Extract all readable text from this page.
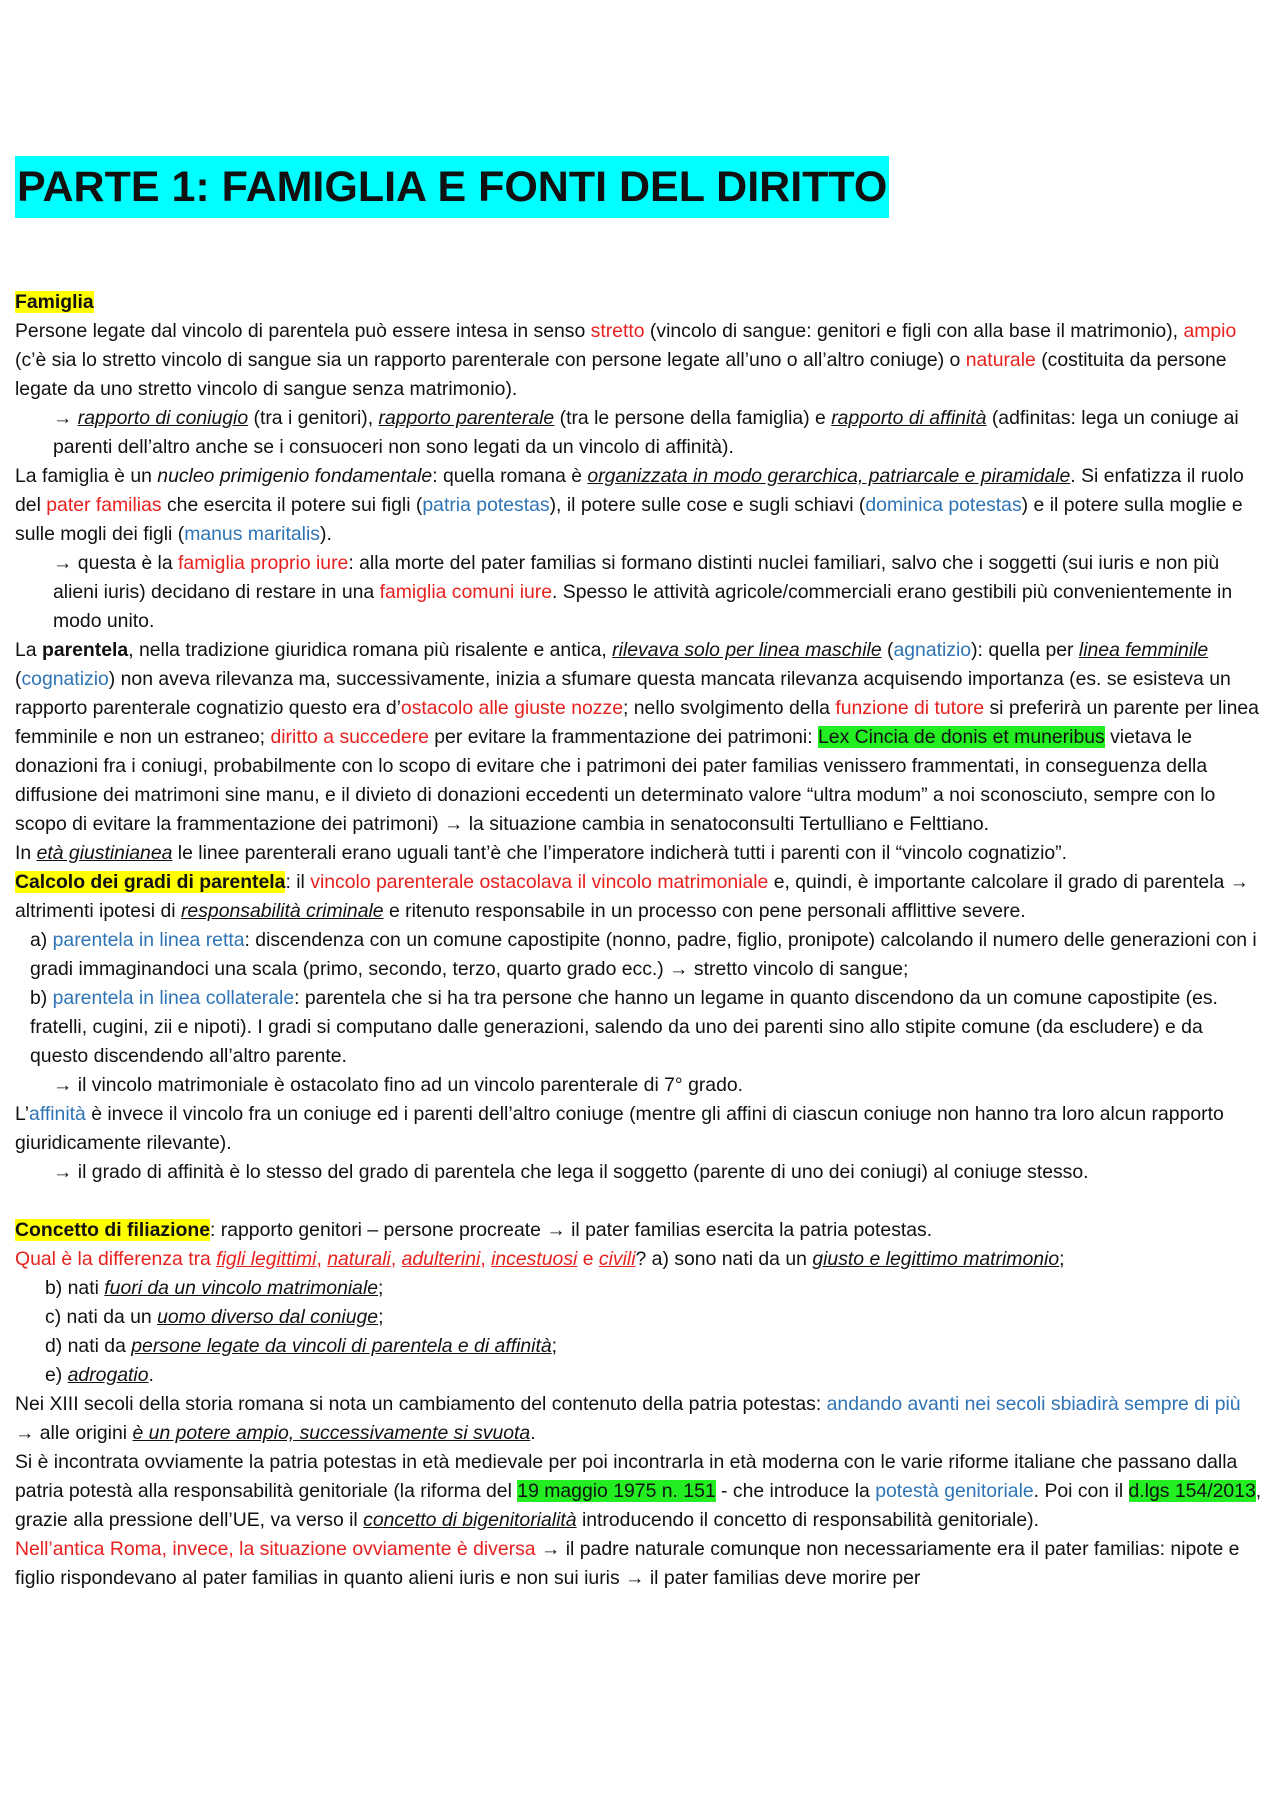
PARTE 1: FAMIGLIA E FONTI DEL DIRITTO

Famiglia

Persone legate dal vincolo di parentela può essere intesa in senso stretto (vincolo di sangue: genitori e figli con alla base il matrimonio), ampio (c’è sia lo stretto vincolo di sangue sia un rapporto parenterale con persone legate all’uno o all’altro coniuge) o naturale (costituita da persone legate da uno stretto vincolo di sangue senza matrimonio).

→ rapporto di coniugio (tra i genitori), rapporto parenterale (tra le persone della famiglia) e rapporto di affinità (adfinitas: lega un coniuge ai parenti dell’altro anche se i consuoceri non sono legati da un vincolo di affinità).

La famiglia è un nucleo primigenio fondamentale: quella romana è organizzata in modo gerarchica, patriarcale e piramidale. Si enfatizza il ruolo del pater familias che esercita il potere sui figli (patria potestas), il potere sulle cose e sugli schiavi (dominica potestas) e il potere sulla moglie e sulle mogli dei figli (manus maritalis).

→ questa è la famiglia proprio iure: alla morte del pater familias si formano distinti nuclei familiari, salvo che i soggetti (sui iuris e non più alieni iuris) decidano di restare in una famiglia comuni iure. Spesso le attività agricole/commerciali erano gestibili più convenientemente in modo unito.

La parentela, nella tradizione giuridica romana più risalente e antica, rilevava solo per linea maschile (agnatizio): quella per linea femminile (cognatizio) non aveva rilevanza ma, successivamente, inizia a sfumare questa mancata rilevanza acquisendo importanza (es. se esisteva un rapporto parenterale cognatizio questo era d’ostacolo alle giuste nozze; nello svolgimento della funzione di tutore si preferirà un parente per linea femminile e non un estraneo; diritto a succedere per evitare la frammentazione dei patrimoni: Lex Cincia de donis et muneribus vietava le donazioni fra i coniugi, probabilmente con lo scopo di evitare che i patrimoni dei pater familias venissero frammentati, in conseguenza della diffusione dei matrimoni sine manu, e il divieto di donazioni eccedenti un determinato valore “ultra modum” a noi sconosciuto, sempre con lo scopo di evitare la frammentazione dei patrimoni) → la situazione cambia in senatoconsulti Tertulliano e Felttiano.

In età giustinianea le linee parenterali erano uguali tant’è che l’imperatore indicherà tutti i parenti con il “vincolo cognatizio”.

Calcolo dei gradi di parentela: il vincolo parenterale ostacolava il vincolo matrimoniale e, quindi, è importante calcolare il grado di parentela → altrimenti ipotesi di responsabilità criminale e ritenuto responsabile in un processo con pene personali afflittive severe.

a) parentela in linea retta: discendenza con un comune capostipite (nonno, padre, figlio, pronipote) calcolando il numero delle generazioni con i gradi immaginandoci una scala (primo, secondo, terzo, quarto grado ecc.) → stretto vincolo di sangue;

b) parentela in linea collaterale: parentela che si ha tra persone che hanno un legame in quanto discendono da un comune capostipite (es. fratelli, cugini, zii e nipoti). I gradi si computano dalle generazioni, salendo da uno dei parenti sino allo stipite comune (da escludere) e da questo discendendo all’altro parente.

→ il vincolo matrimoniale è ostacolato fino ad un vincolo parenterale di 7° grado.

L’affinità è invece il vincolo fra un coniuge ed i parenti dell’altro coniuge (mentre gli affini di ciascun coniuge non hanno tra loro alcun rapporto giuridicamente rilevante).

→ il grado di affinità è lo stesso del grado di parentela che lega il soggetto (parente di uno dei coniugi) al coniuge stesso.

Concetto di filiazione: rapporto genitori – persone procreate → il pater familias esercita la patria potestas.

Qual è la differenza tra figli legittimi, naturali, adulterini, incestuosi e civili? a) sono nati da un giusto e legittimo matrimonio;

b) nati fuori da un vincolo matrimoniale;

c) nati da un uomo diverso dal coniuge;

d) nati da persone legate da vincoli di parentela e di affinità;

e) adrogatio.

Nei XIII secoli della storia romana si nota un cambiamento del contenuto della patria potestas: andando avanti nei secoli sbiadirà sempre di più → alle origini è un potere ampio, successivamente si svuota.

Si è incontrata ovviamente la patria potestas in età medievale per poi incontrarla in età moderna con le varie riforme italiane che passano dalla patria potestà alla responsabilità genitoriale (la riforma del 19 maggio 1975 n. 151 - che introduce la potestà genitoriale. Poi con il d.lgs 154/2013, grazie alla pressione dell’UE, va verso il concetto di bigenitorialità introducendo il concetto di responsabilità genitoriale).

Nell’antica Roma, invece, la situazione ovviamente è diversa → il padre naturale comunque non necessariamente era il pater familias: nipote e figlio rispondevano al pater familias in quanto alieni iuris e non sui iuris → il pater familias deve morire per
